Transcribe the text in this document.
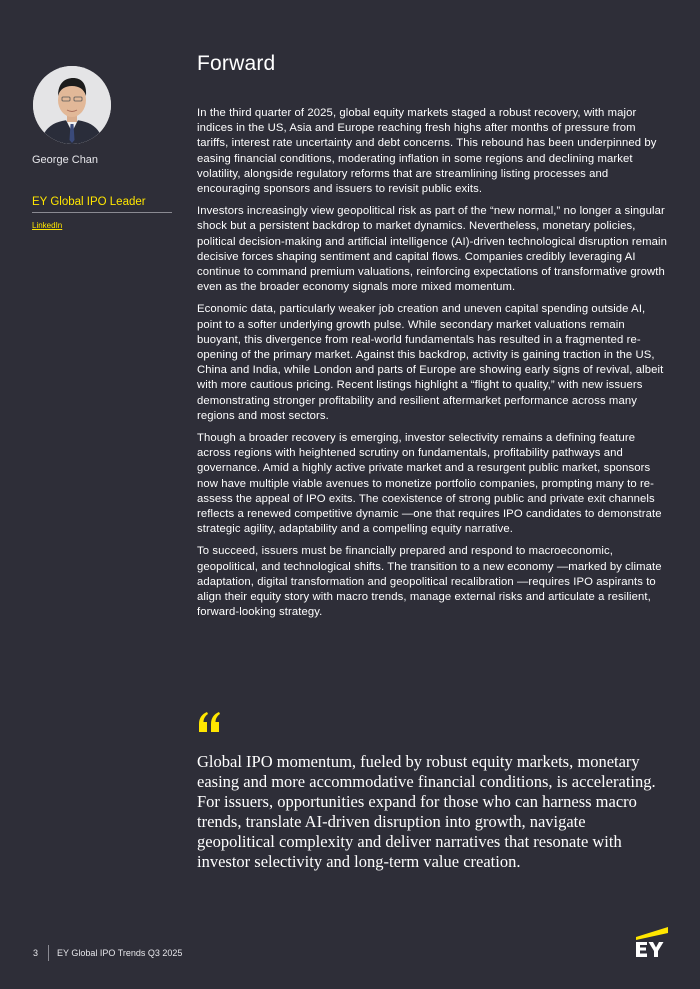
George Chan
EY Global IPO Leader
LinkedIn
Forward

In the third quarter of 2025, global equity markets staged a robust recovery, with major indices in the US, Asia and Europe reaching fresh highs after months of pressure from tariffs, interest rate uncertainty and debt concerns. This rebound has been underpinned by easing financial conditions, moderating inflation in some regions and declining market volatility, alongside regulatory reforms that are streamlining listing processes and encouraging sponsors and issuers to revisit public exits.

Investors increasingly view geopolitical risk as part of the “new normal,” no longer a singular shock but a persistent backdrop to market dynamics. Nevertheless, monetary policies, political decision-making and artificial intelligence (AI)-driven technological disruption remain decisive forces shaping sentiment and capital flows. Companies credibly leveraging AI continue to command premium valuations, reinforcing expectations of transformative growth even as the broader economy signals more mixed momentum.

Economic data, particularly weaker job creation and uneven capital spending outside AI, point to a softer underlying growth pulse. While secondary market valuations remain buoyant, this divergence from real-world fundamentals has resulted in a fragmented re-opening of the primary market. Against this backdrop, activity is gaining traction in the US, China and India, while London and parts of Europe are showing early signs of revival, albeit with more cautious pricing. Recent listings highlight a “flight to quality,” with new issuers demonstrating stronger profitability and resilient aftermarket performance across many regions and most sectors.

Though a broader recovery is emerging, investor selectivity remains a defining feature across regions with heightened scrutiny on fundamentals, profitability pathways and governance. Amid a highly active private market and a resurgent public market, sponsors now have multiple viable avenues to monetize portfolio companies, prompting many to re-assess the appeal of IPO exits. The coexistence of strong public and private exit channels reflects a renewed competitive dynamic —one that requires IPO candidates to demonstrate strategic agility, adaptability and a compelling equity narrative.

To succeed, issuers must be financially prepared and respond to macroeconomic, geopolitical, and technological shifts. The transition to a new economy —marked by climate adaptation, digital transformation and geopolitical recalibration —requires IPO aspirants to align their equity story with macro trends, manage external risks and articulate a resilient, forward-looking strategy.

Global IPO momentum, fueled by robust equity markets, monetary easing and more accommodative financial conditions, is accelerating. For issuers, opportunities expand for those who can harness macro trends, translate AI-driven disruption into growth, navigate geopolitical complexity and deliver narratives that resonate with investor selectivity and long-term value creation.
3 EY Global IPO Trends Q3 2025
